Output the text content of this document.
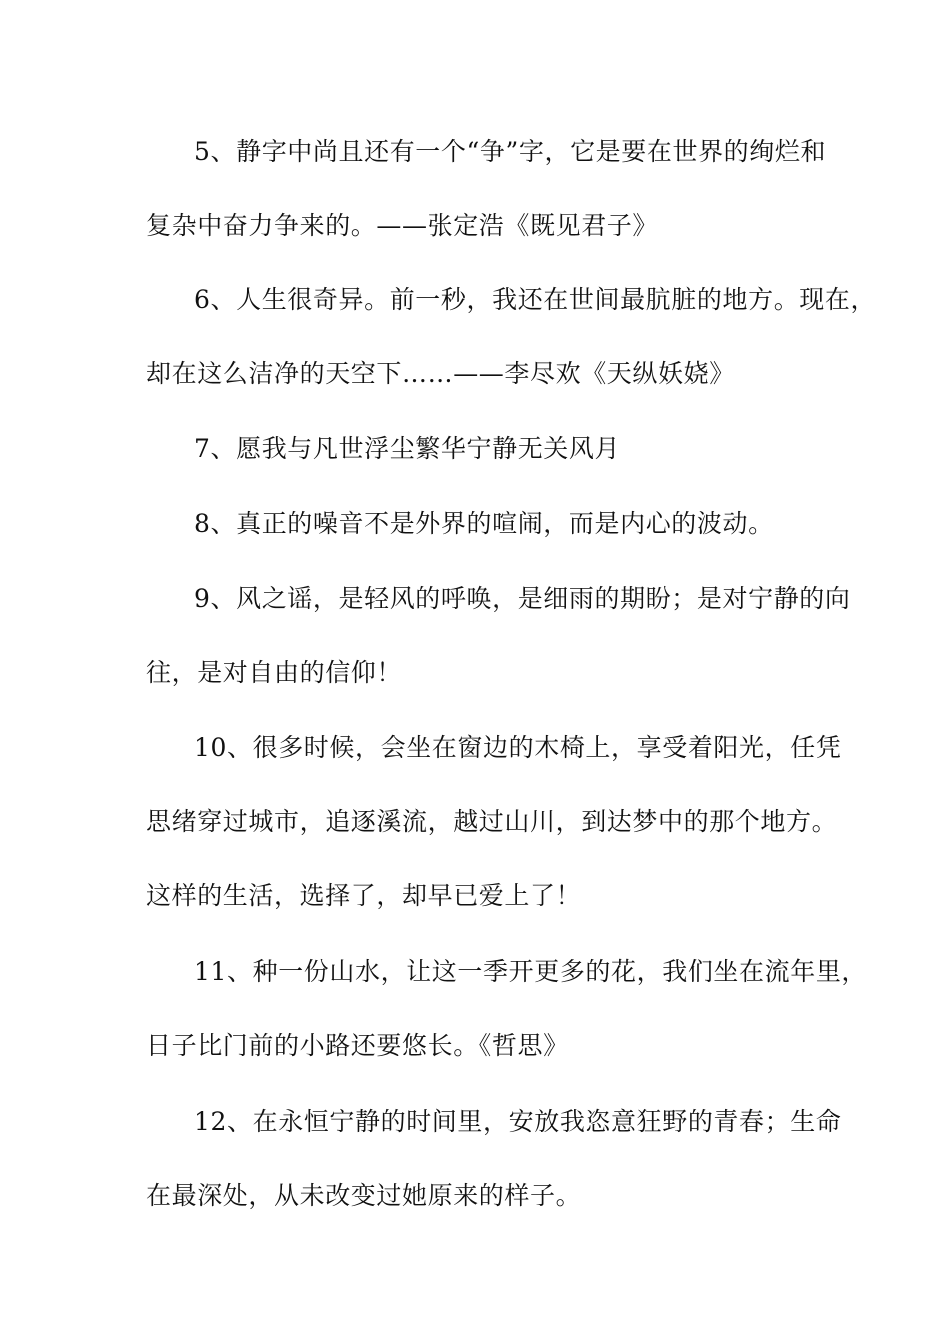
5、静字中尚且还有一个“争”字，它是要在世界的绚烂和
复杂中奋力争来的。——张定浩《既见君子》

6、人生很奇异。前一秒，我还在世间最肮脏的地方。现在，
却在这么洁净的天空下……——李尽欢《天纵妖娆》

7、愿我与凡世浮尘繁华宁静无关风月

8、真正的噪音不是外界的喧闹，而是内心的波动。

9、风之谣，是轻风的呼唤，是细雨的期盼；是对宁静的向
往，是对自由的信仰！

10、很多时候，会坐在窗边的木椅上，享受着阳光，任凭
思绪穿过城市，追逐溪流，越过山川，到达梦中的那个地方。
这样的生活，选择了，却早已爱上了！

11、种一份山水，让这一季开更多的花，我们坐在流年里，
日子比门前的小路还要悠长。《哲思》

12、在永恒宁静的时间里，安放我恣意狂野的青春；生命
在最深处，从未改变过她原来的样子。
